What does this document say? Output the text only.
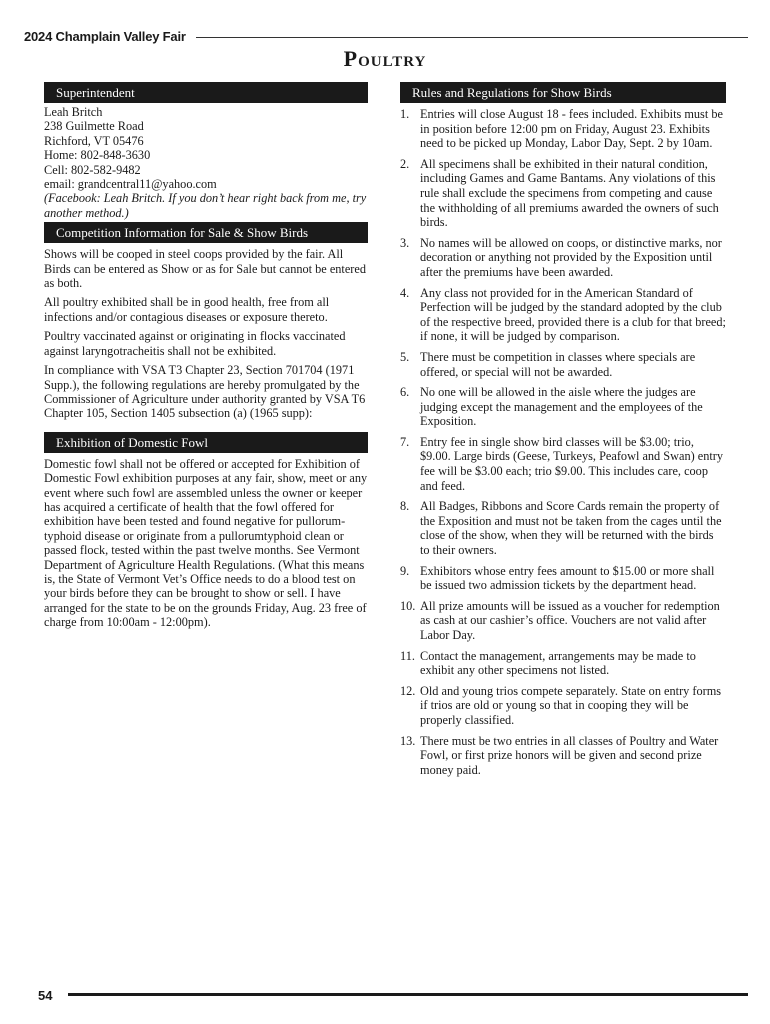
2024 Champlain Valley Fair
Poultry
Superintendent
Leah Britch
238 Guilmette Road
Richford, VT 05476
Home: 802-848-3630
Cell: 802-582-9482
email: grandcentral11@yahoo.com
(Facebook: Leah Britch. If you don’t hear right back from me, try another method.)
Competition Information for Sale & Show Birds

Shows will be cooped in steel coops provided by the fair. All Birds can be entered as Show or as for Sale but cannot be entered as both.

All poultry exhibited shall be in good health, free from all infections and/or contagious diseases or exposure thereto.

Poultry vaccinated against or originating in flocks vaccinated against laryngotracheitis shall not be exhibited.

In compliance with VSA T3 Chapter 23, Section 701704 (1971 Supp.), the following regulations are hereby promulgated by the Commissioner of Agriculture under authority granted by VSA T6 Chapter 105, Section 1405 subsection (a) (1965 supp):

Exhibition of Domestic Fowl

Domestic fowl shall not be offered or accepted for Exhibition of Domestic Fowl exhibition purposes at any fair, show, meet or any event where such fowl are assembled unless the owner or keeper has acquired a certificate of health that the fowl offered for exhibition have been tested and found negative for pullorum-typhoid disease or originate from a pullorumtyphoid clean or passed flock, tested within the past twelve months. See Vermont Department of Agriculture Health Regulations. (What this means is, the State of Vermont Vet’s Office needs to do a blood test on your birds before they can be brought to show or sell. I have arranged for the state to be on the grounds Friday, Aug. 23 free of charge from 10:00am - 12:00pm).

Rules and Regulations for Show Birds
1. Entries will close August 18 - fees included. Exhibits must be in position before 12:00 pm on Friday, August 23. Exhibits need to be picked up Monday, Labor Day, Sept. 2 by 10am.
2. All specimens shall be exhibited in their natural condition, including Games and Game Bantams. Any violations of this rule shall exclude the specimens from competing and cause the withholding of all premiums awarded the owners of such birds.
3. No names will be allowed on coops, or distinctive marks, nor decoration or anything not provided by the Exposition until after the premiums have been awarded.
4. Any class not provided for in the American Standard of Perfection will be judged by the standard adopted by the club of the respective breed, provided there is a club for that breed; if none, it will be judged by comparison.
5. There must be competition in classes where specials are offered, or special will not be awarded.
6. No one will be allowed in the aisle where the judges are judging except the management and the employees of the Exposition.
7. Entry fee in single show bird classes will be $3.00; trio, $9.00. Large birds (Geese, Turkeys, Peafowl and Swan) entry fee will be $3.00 each; trio $9.00. This includes care, coop and feed.
8. All Badges, Ribbons and Score Cards remain the property of the Exposition and must not be taken from the cages until the close of the show, when they will be returned with the birds to their owners.
9. Exhibitors whose entry fees amount to $15.00 or more shall be issued two admission tickets by the department head.
10. All prize amounts will be issued as a voucher for redemption as cash at our cashier’s office. Vouchers are not valid after Labor Day.
11. Contact the management, arrangements may be made to exhibit any other specimens not listed.
12. Old and young trios compete separately. State on entry forms if trios are old or young so that in cooping they will be properly classified.
13. There must be two entries in all classes of Poultry and Water Fowl, or first prize honors will be given and second prize money paid.
54
